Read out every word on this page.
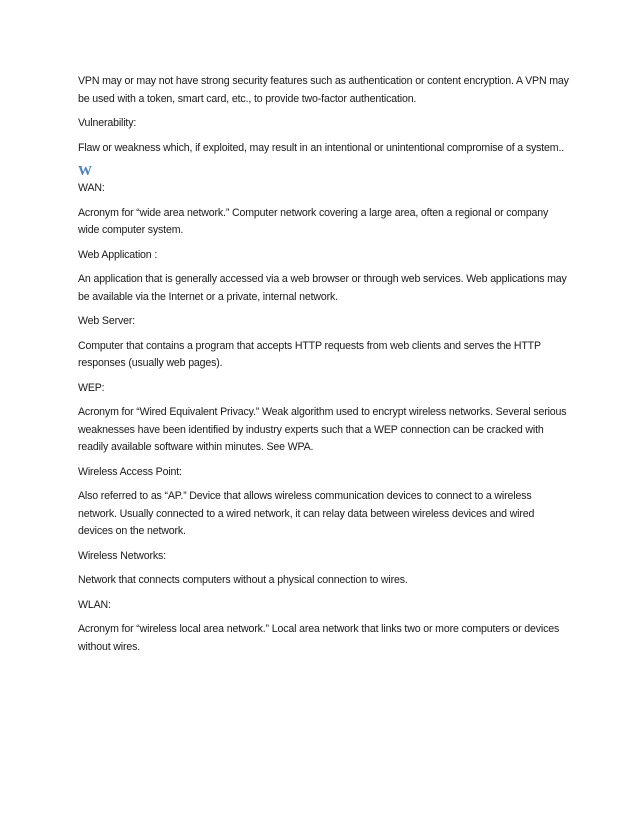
VPN may or may not have strong security features such as authentication or content encryption. A VPN may be used with a token, smart card, etc., to provide two-factor authentication.

Vulnerability:

Flaw or weakness which, if exploited, may result in an intentional or unintentional compromise of a system..

W

WAN:

Acronym for “wide area network.” Computer network covering a large area, often a regional or company wide computer system.

Web Application :

An application that is generally accessed via a web browser or through web services. Web applications may be available via the Internet or a private, internal network.

Web Server:

Computer that contains a program that accepts HTTP requests from web clients and serves the HTTP responses (usually web pages).

WEP:

Acronym for “Wired Equivalent Privacy.” Weak algorithm used to encrypt wireless networks. Several serious weaknesses have been identified by industry experts such that a WEP connection can be cracked with readily available software within minutes. See WPA.

Wireless Access Point:

Also referred to as “AP.” Device that allows wireless communication devices to connect to a wireless network. Usually connected to a wired network, it can relay data between wireless devices and wired devices on the network.

Wireless Networks:

Network that connects computers without a physical connection to wires.

WLAN:

Acronym for “wireless local area network.” Local area network that links two or more computers or devices without wires.
